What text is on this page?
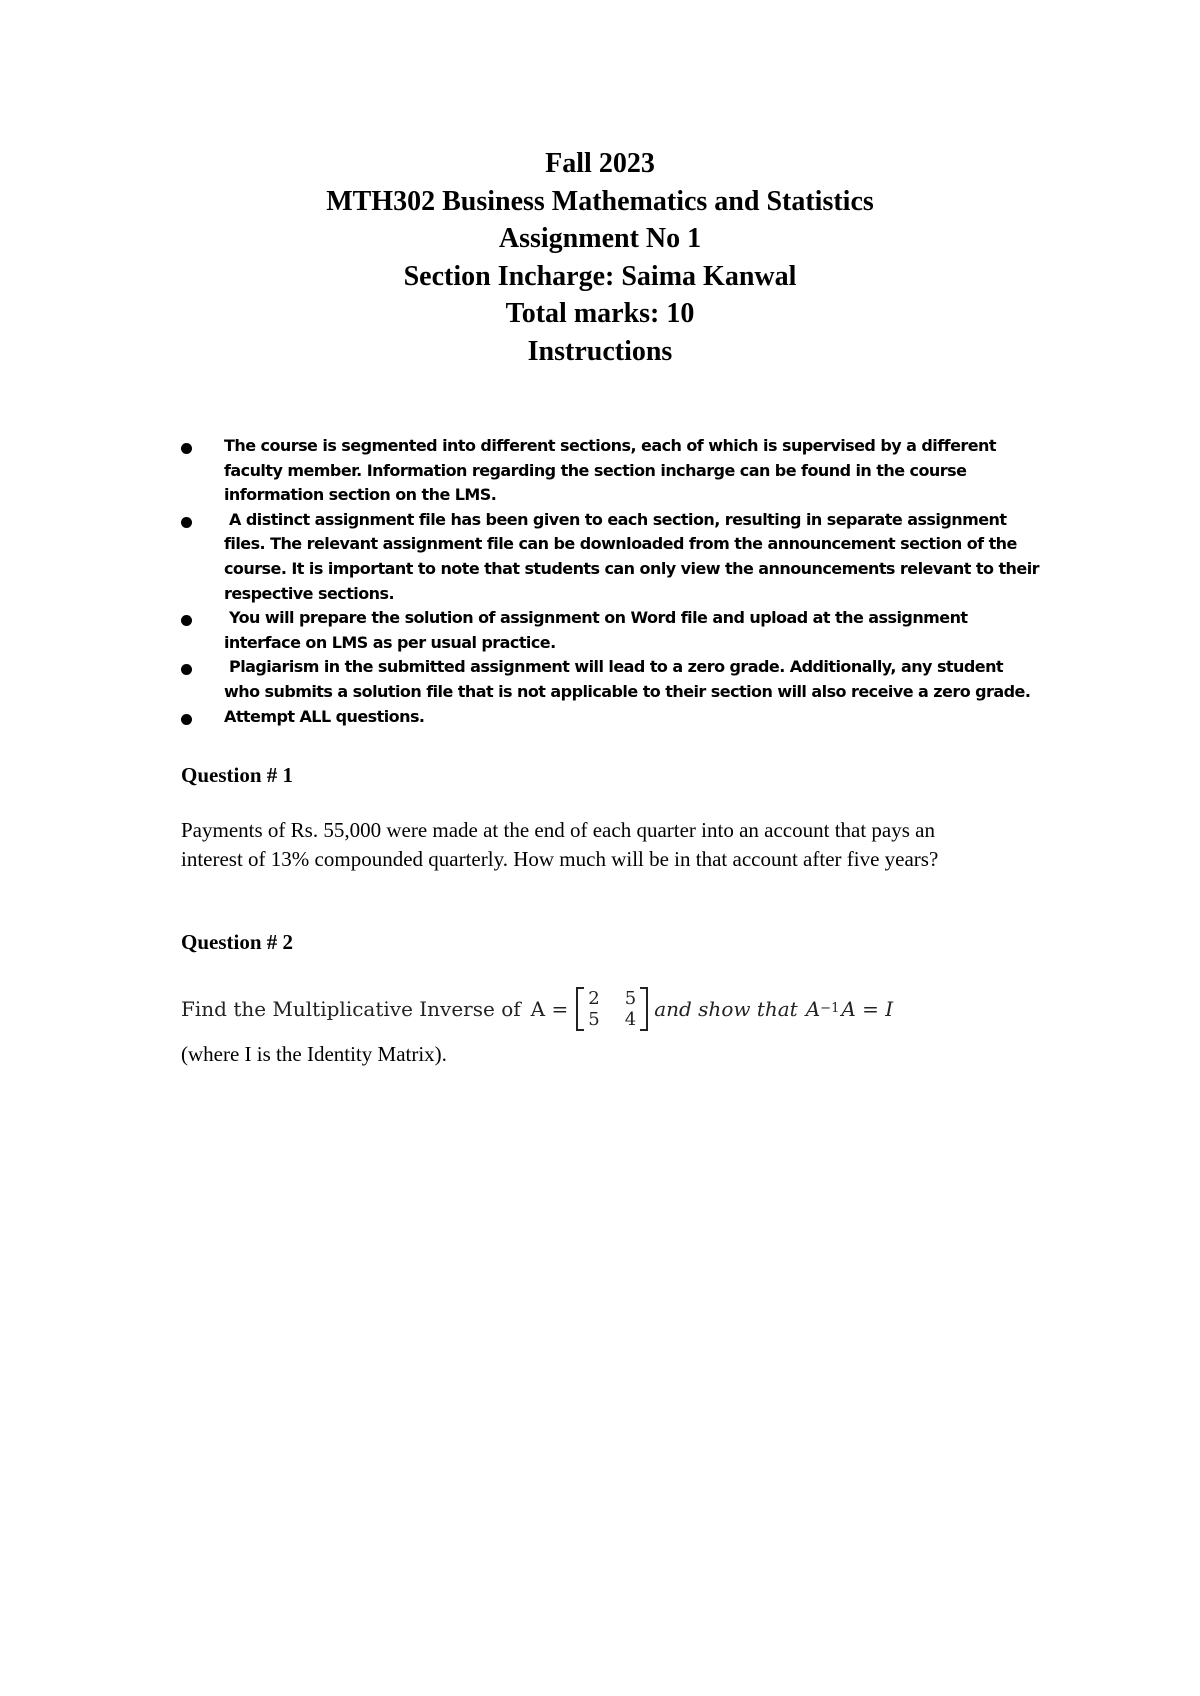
Fall 2023
MTH302 Business Mathematics and Statistics
Assignment No 1
Section Incharge: Saima Kanwal
Total marks: 10
Instructions
The course is segmented into different sections, each of which is supervised by a different faculty member. Information regarding the section incharge can be found in the course information section on the LMS.
A distinct assignment file has been given to each section, resulting in separate assignment files. The relevant assignment file can be downloaded from the announcement section of the course. It is important to note that students can only view the announcements relevant to their respective sections.
You will prepare the solution of assignment on Word file and upload at the assignment interface on LMS as per usual practice.
Plagiarism in the submitted assignment will lead to a zero grade. Additionally, any student who submits a solution file that is not applicable to their section will also receive a zero grade.
Attempt ALL questions.
Question # 1
Payments of Rs. 55,000 were made at the end of each quarter into an account that pays an interest of 13% compounded quarterly. How much will be in that account after five years?
Question # 2
Find the Multiplicative Inverse of A = 2	5
5	4 and show that A −1 A = I
(where I is the Identity Matrix).
